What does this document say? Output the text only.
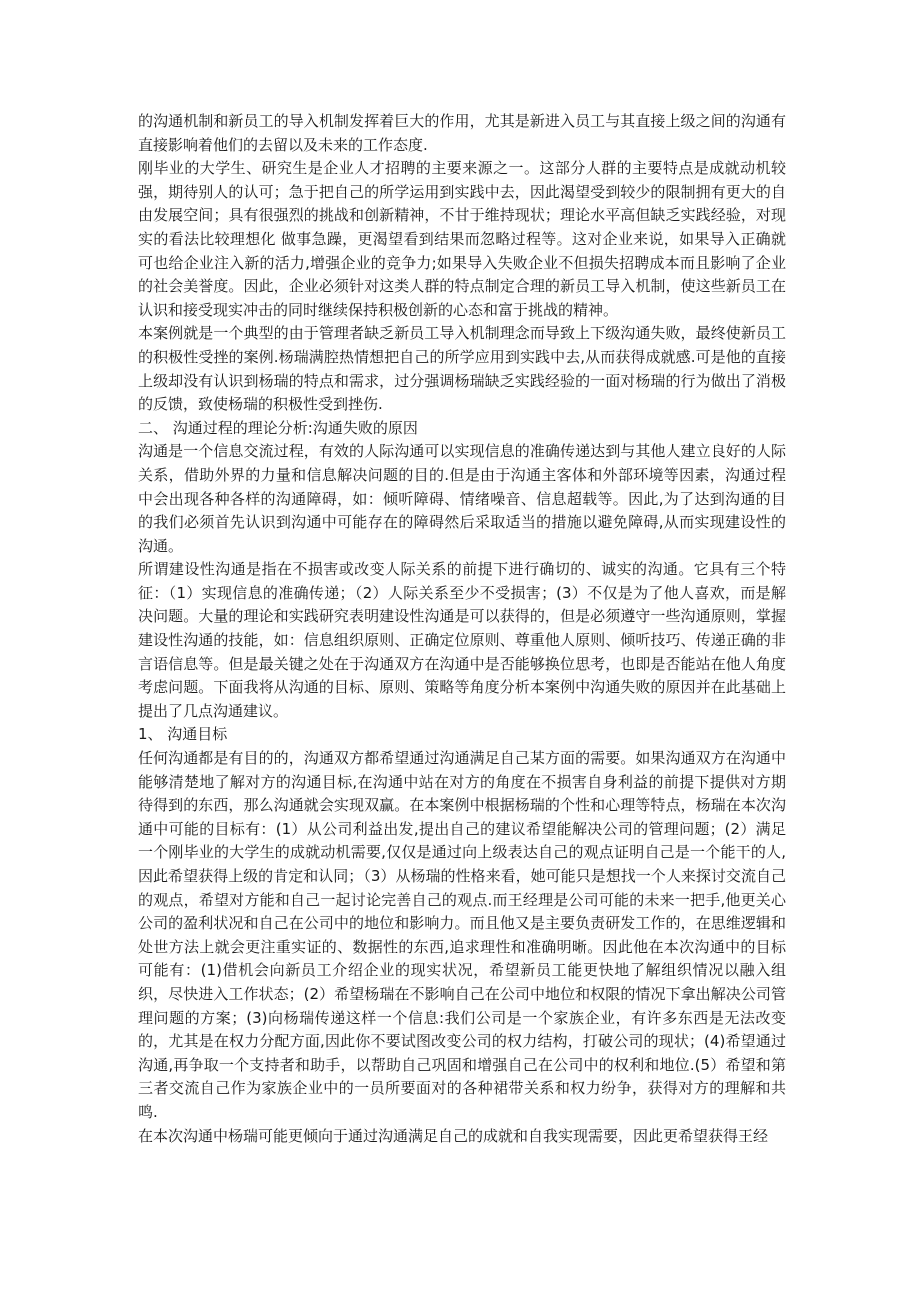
的沟通机制和新员工的导入机制发挥着巨大的作用，尤其是新进入员工与其直接上级之间的沟通有直接影响着他们的去留以及未来的工作态度.

刚毕业的大学生、研究生是企业人才招聘的主要来源之一。这部分人群的主要特点是成就动机较强，期待别人的认可；急于把自己的所学运用到实践中去，因此渴望受到较少的限制拥有更大的自由发展空间；具有很强烈的挑战和创新精神，不甘于维持现状；理论水平高但缺乏实践经验，对现实的看法比较理想化 做事急躁，更渴望看到结果而忽略过程等。这对企业来说，如果导入正确就可也给企业注入新的活力,增强企业的竞争力;如果导入失败企业不但损失招聘成本而且影响了企业的社会美誉度。因此，企业必须针对这类人群的特点制定合理的新员工导入机制，使这些新员工在认识和接受现实冲击的同时继续保持积极创新的心态和富于挑战的精神。

本案例就是一个典型的由于管理者缺乏新员工导入机制理念而导致上下级沟通失败，最终使新员工的积极性受挫的案例.杨瑞满腔热情想把自己的所学应用到实践中去,从而获得成就感.可是他的直接上级却没有认识到杨瑞的特点和需求，过分强调杨瑞缺乏实践经验的一面对杨瑞的行为做出了消极的反馈，致使杨瑞的积极性受到挫伤.

二、 沟通过程的理论分析:沟通失败的原因

沟通是一个信息交流过程，有效的人际沟通可以实现信息的准确传递达到与其他人建立良好的人际关系，借助外界的力量和信息解决问题的目的.但是由于沟通主客体和外部环境等因素，沟通过程中会出现各种各样的沟通障碍，如：倾听障碍、情绪噪音、信息超载等。因此,为了达到沟通的目的我们必须首先认识到沟通中可能存在的障碍然后采取适当的措施以避免障碍,从而实现建设性的沟通。

所谓建设性沟通是指在不损害或改变人际关系的前提下进行确切的、诚实的沟通。它具有三个特征：（1）实现信息的准确传递；（2）人际关系至少不受损害；(3）不仅是为了他人喜欢，而是解决问题。大量的理论和实践研究表明建设性沟通是可以获得的，但是必须遵守一些沟通原则，掌握建设性沟通的技能，如：信息组织原则、正确定位原则、尊重他人原则、倾听技巧、传递正确的非言语信息等。但是最关键之处在于沟通双方在沟通中是否能够换位思考，也即是否能站在他人角度考虑问题。下面我将从沟通的目标、原则、策略等角度分析本案例中沟通失败的原因并在此基础上提出了几点沟通建议。

1、 沟通目标

任何沟通都是有目的的，沟通双方都希望通过沟通满足自己某方面的需要。如果沟通双方在沟通中能够清楚地了解对方的沟通目标,在沟通中站在对方的角度在不损害自身利益的前提下提供对方期待得到的东西，那么沟通就会实现双赢。在本案例中根据杨瑞的个性和心理等特点，杨瑞在本次沟通中可能的目标有：(1）从公司利益出发,提出自己的建议希望能解决公司的管理问题；(2）满足一个刚毕业的大学生的成就动机需要,仅仅是通过向上级表达自己的观点证明自己是一个能干的人,因此希望获得上级的肯定和认同；（3）从杨瑞的性格来看，她可能只是想找一个人来探讨交流自己的观点，希望对方能和自己一起讨论完善自己的观点.而王经理是公司可能的未来一把手,他更关心公司的盈利状况和自己在公司中的地位和影响力。而且他又是主要负责研发工作的，在思维逻辑和处世方法上就会更注重实证的、数据性的东西,追求理性和准确明晰。因此他在本次沟通中的目标可能有：(1)借机会向新员工介绍企业的现实状况，希望新员工能更快地了解组织情况以融入组织，尽快进入工作状态；(2）希望杨瑞在不影响自己在公司中地位和权限的情况下拿出解决公司管理问题的方案；(3)向杨瑞传递这样一个信息:我们公司是一个家族企业，有许多东西是无法改变的，尤其是在权力分配方面,因此你不要试图改变公司的权力结构，打破公司的现状；(4)希望通过沟通,再争取一个支持者和助手，以帮助自己巩固和增强自己在公司中的权利和地位.(5）希望和第三者交流自己作为家族企业中的一员所要面对的各种裙带关系和权力纷争，获得对方的理解和共鸣.

在本次沟通中杨瑞可能更倾向于通过沟通满足自己的成就和自我实现需要，因此更希望获得王经
